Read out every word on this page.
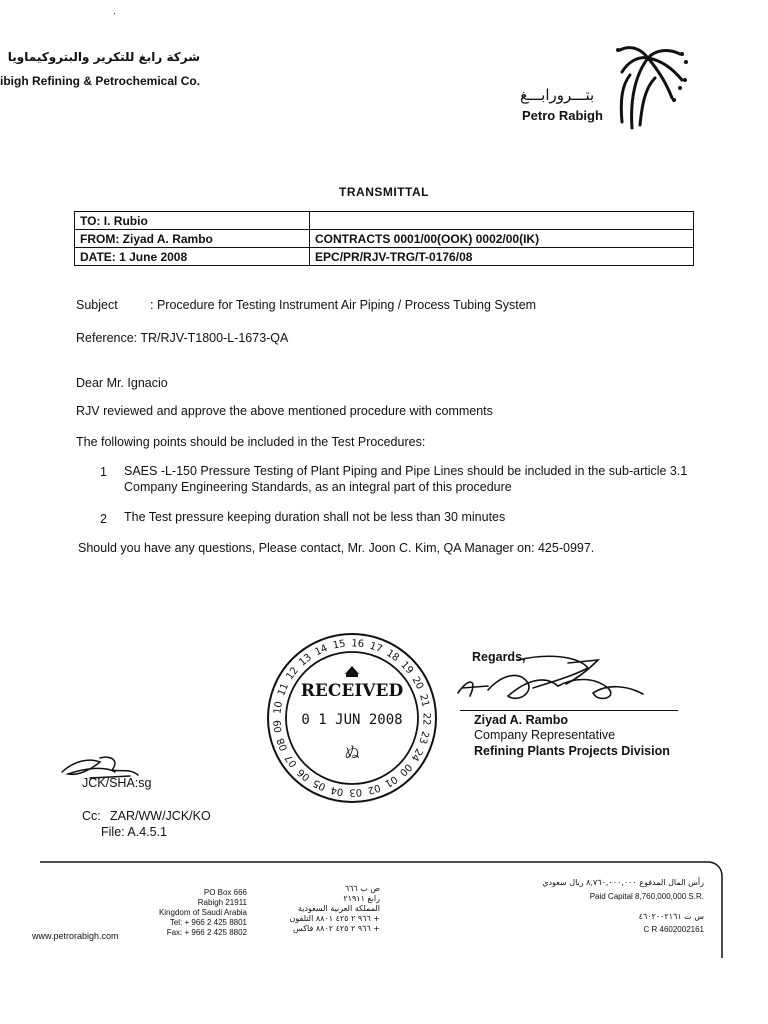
·
شركة رابغ للتكرير والبتروكيماويا
ibigh Refining & Petrochemical Co.
بتـــرورابـــغ
Petro Rabigh
TRANSMITTAL
TO: I. Rubio	
FROM: Ziyad A. Rambo	CONTRACTS 0001/00(OOK) 0002/00(IK)
DATE: 1 June 2008	EPC/PR/RJV-TRG/T-0176/08
Subject	: Procedure for Testing Instrument Air Piping / Process Tubing System
Reference: TR/RJV-T1800-L-1673-QA
Dear Mr. Ignacio
RJV reviewed and approve the above mentioned procedure with comments
The following points should be included in the Test Procedures:
1 SAES -L-150 Pressure Testing of Plant Piping and Pipe Lines should be included in the sub-article 3.1 Company Engineering Standards, as an integral part of this procedure
2 The Test pressure keeping duration shall not be less than 30 minutes
Should you have any questions, Please contact, Mr. Joon C. Kim, QA Manager on: 425-0997.
15 16 17
18
19
20
21
22
23
24
00
01
02
03
04
05
06
07
08
09
10
11
12
13
14
RECEIVED
0 1 JUN 2008
ぬ
Regards,
Ziyad A. Rambo
Company Representative
Refining Plants Projects Division
JCK/SHA:sg
Cc: ZAR/WW/JCK/KO
File: A.4.5.1
www.petrorabigh.com
PO Box 666
Rabigh 21911
Kingdom of Saudi Arabia
Tel: + 966 2 425 8801
Fax: + 966 2 425 8802
ص ب ٦٦٦
رابغ ٢١٩١١
المملكة العربية السعودية
+ ٩٦٦ ٢ ٤٢٥ ٨٨٠١ التلفون
+ ٩٦٦ ٢ ٤٢٥ ٨٨٠٢ فاكس
رأس المال المدفوع ٨,٧٦٠,٠٠٠,٠٠٠ ريال سعودي
Paid Capital 8,760,000,000 S.R.
س ت ٤٦٠٢٠٠٢١٦١
C R 4602002161
